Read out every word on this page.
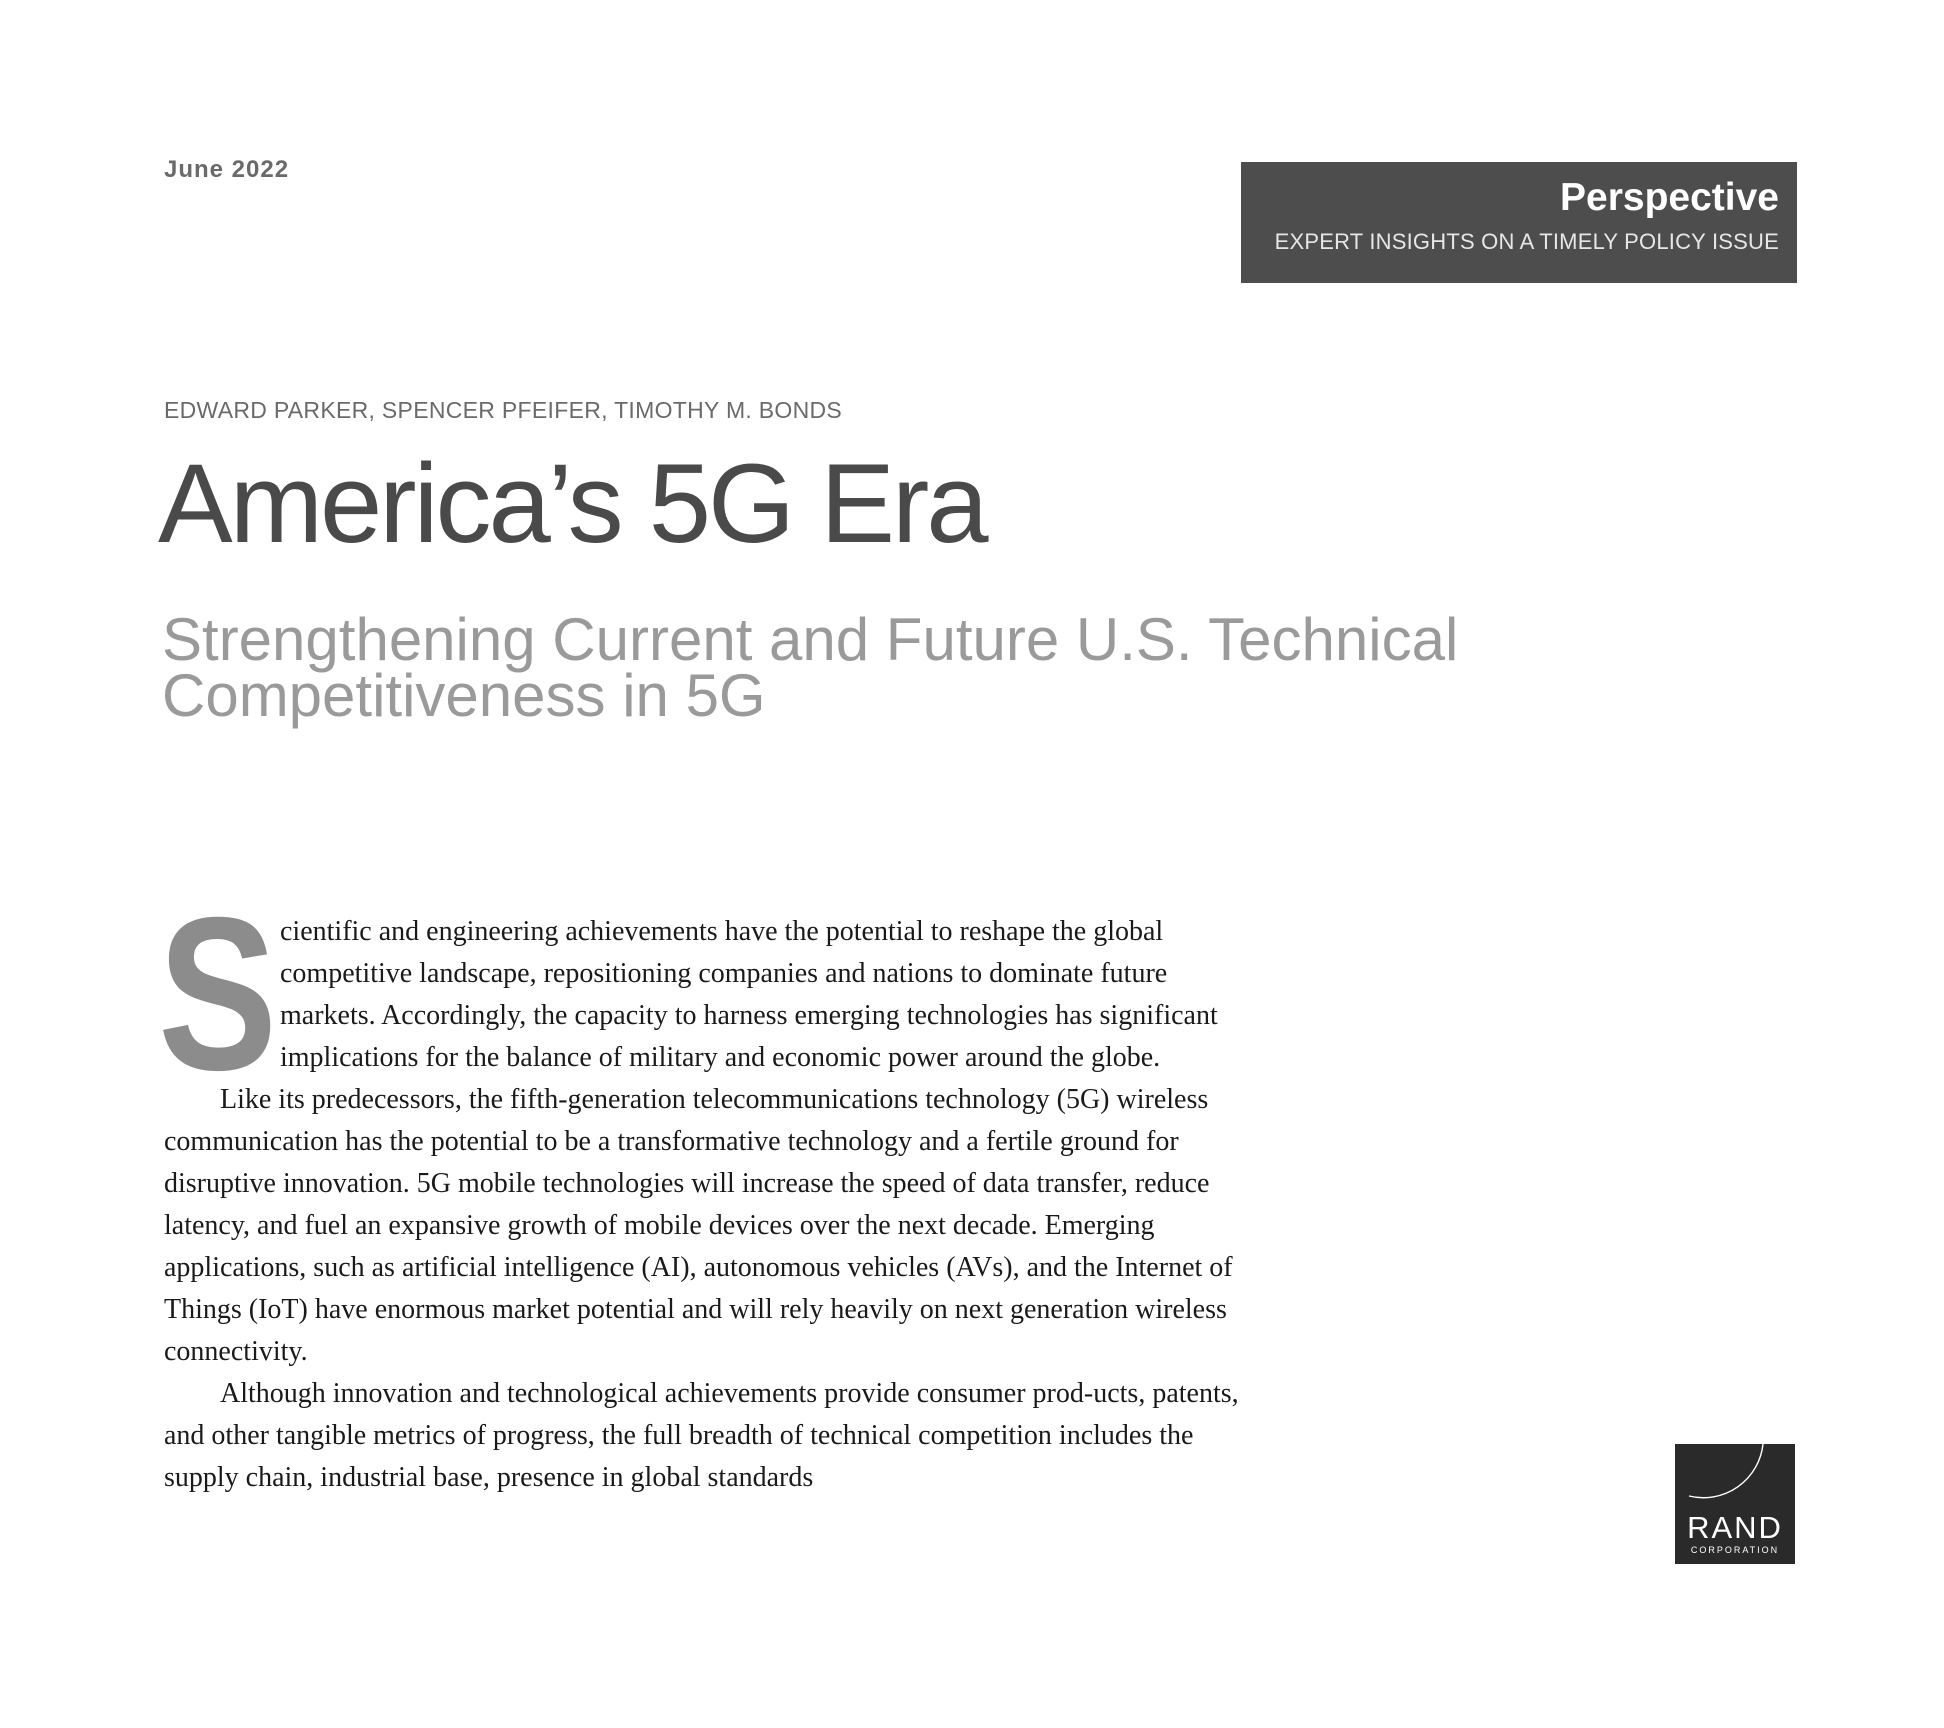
June 2022
Perspective
EXPERT INSIGHTS ON A TIMELY POLICY ISSUE
EDWARD PARKER, SPENCER PFEIFER, TIMOTHY M. BONDS
America’s 5G Era
Strengthening Current and Future U.S. Technical Competitiveness in 5G

Scientific and engineering achievements have the potential to reshape the global competitive landscape, repositioning companies and nations to dominate future markets. Accordingly, the capacity to harness emerging technologies has significant implications for the balance of military and economic power around the globe.

Like its predecessors, the fifth-generation telecommunications technology (5G) wireless communication has the potential to be a transformative technology and a fertile ground for disruptive innovation. 5G mobile technologies will increase the speed of data transfer, reduce latency, and fuel an expansive growth of mobile devices over the next decade. Emerging applications, such as artificial intelligence (AI), autonomous vehicles (AVs), and the Internet of Things (IoT) have enormous market potential and will rely heavily on next generation wireless connectivity.

Although innovation and technological achievements provide consumer prod-ucts, patents, and other tangible metrics of progress, the full breadth of technical competition includes the supply chain, industrial base, presence in global standards

RAND
CORPORATION
